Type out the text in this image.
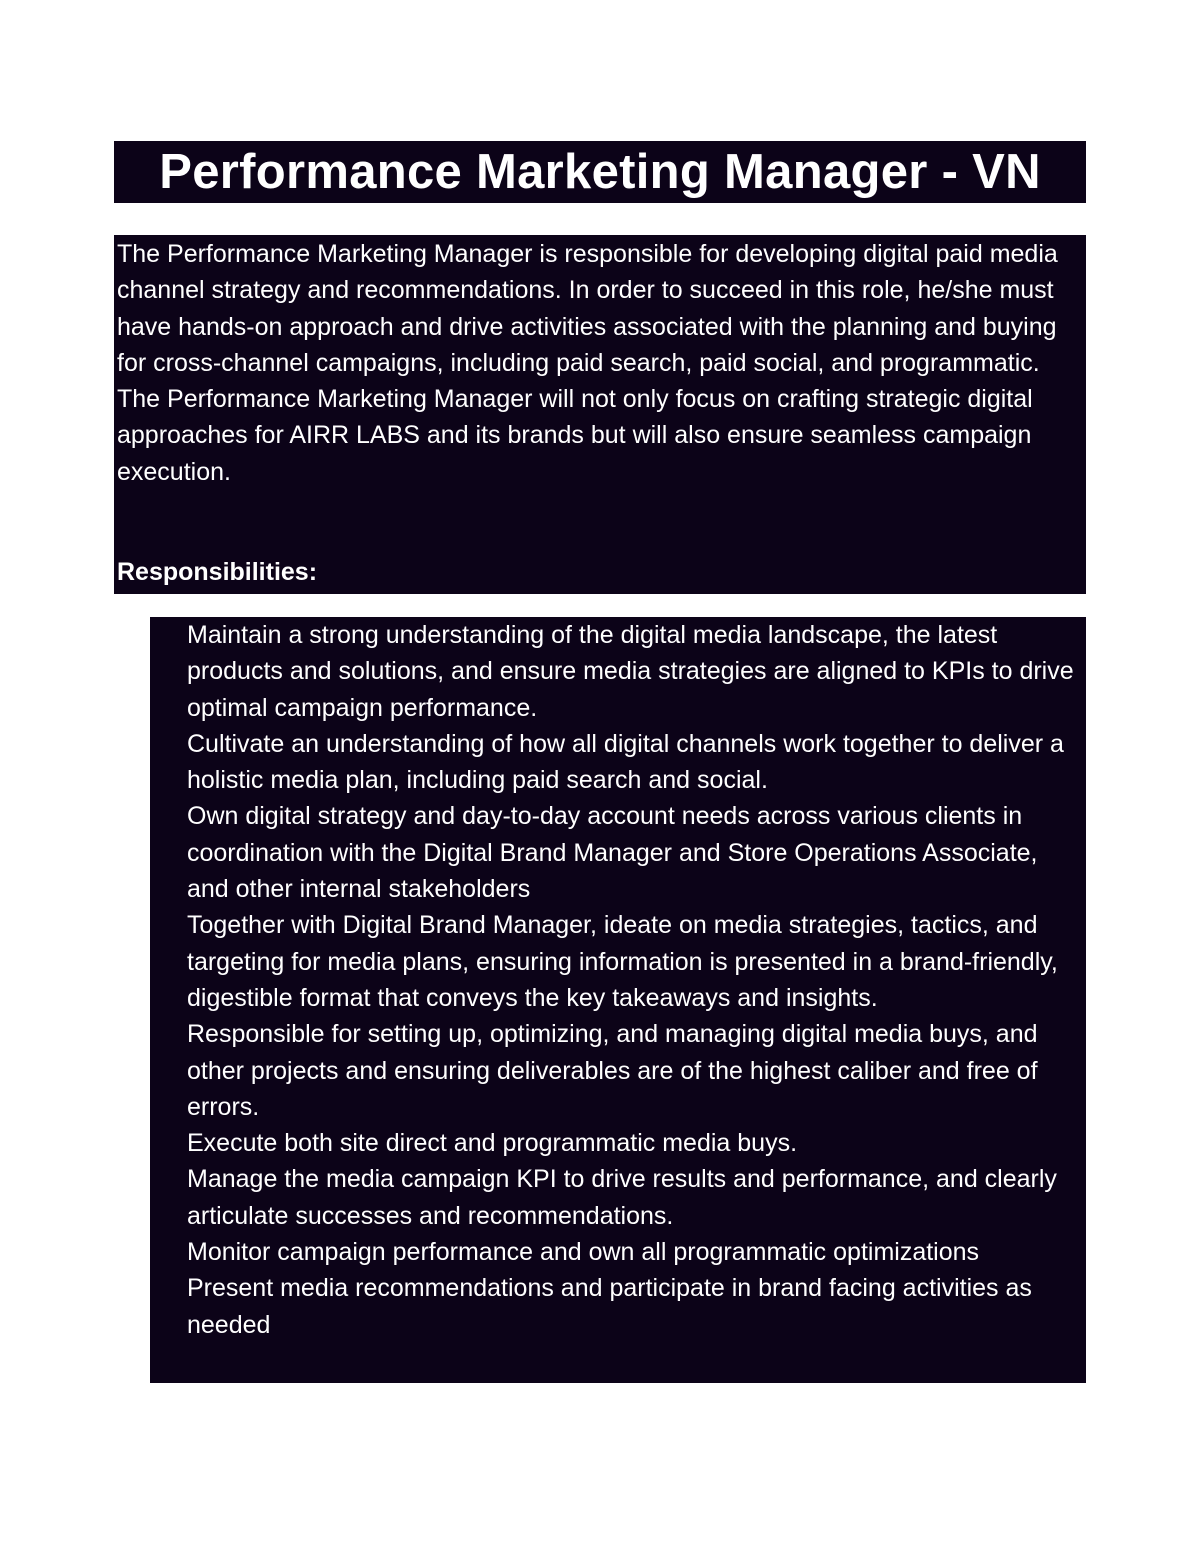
Performance Marketing Manager - VN

The Performance Marketing Manager is responsible for developing digital paid media channel strategy and recommendations. In order to succeed in this role, he/she must have hands-on approach and drive activities associated with the planning and buying for cross-channel campaigns, including paid search, paid social, and programmatic. The Performance Marketing Manager will not only focus on crafting strategic digital approaches for AIRR LABS and its brands but will also ensure seamless campaign execution.

Responsibilities:

Maintain a strong understanding of the digital media landscape, the latest products and solutions, and ensure media strategies are aligned to KPIs to drive optimal campaign performance.
Cultivate an understanding of how all digital channels work together to deliver a holistic media plan, including paid search and social.
Own digital strategy and day-to-day account needs across various clients in coordination with the Digital Brand Manager and Store Operations Associate, and other internal stakeholders
Together with Digital Brand Manager, ideate on media strategies, tactics, and targeting for media plans, ensuring information is presented in a brand-friendly, digestible format that conveys the key takeaways and insights.
Responsible for setting up, optimizing, and managing digital media buys, and other projects and ensuring deliverables are of the highest caliber and free of errors.
Execute both site direct and programmatic media buys.
Manage the media campaign KPI to drive results and performance, and clearly articulate successes and recommendations.
Monitor campaign performance and own all programmatic optimizations
Present media recommendations and participate in brand facing activities as needed
